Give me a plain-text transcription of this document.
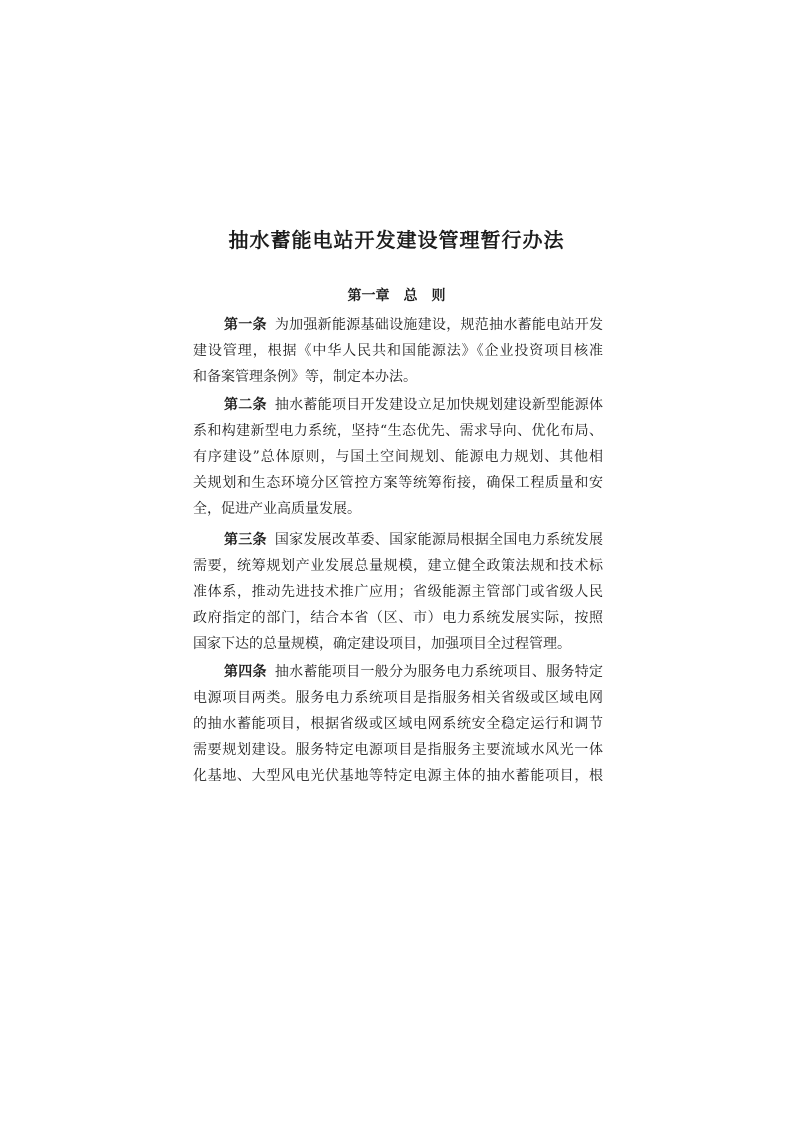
抽水蓄能电站开发建设管理暂行办法
第一章　总　则
第一条 为加强新能源基础设施建设，规范抽水蓄能电站开发
建设管理，根据《中华人民共和国能源法》《企业投资项目核准
和备案管理条例》等，制定本办法。
第二条 抽水蓄能项目开发建设立足加快规划建设新型能源体
系和构建新型电力系统，坚持“生态优先、需求导向、优化布局、
有序建设”总体原则，与国土空间规划、能源电力规划、其他相
关规划和生态环境分区管控方案等统筹衔接，确保工程质量和安
全，促进产业高质量发展。
第三条 国家发展改革委、国家能源局根据全国电力系统发展
需要，统筹规划产业发展总量规模，建立健全政策法规和技术标
准体系，推动先进技术推广应用；省级能源主管部门或省级人民
政府指定的部门，结合本省（区、市）电力系统发展实际，按照
国家下达的总量规模，确定建设项目，加强项目全过程管理。
第四条 抽水蓄能项目一般分为服务电力系统项目、服务特定
电源项目两类。服务电力系统项目是指服务相关省级或区域电网
的抽水蓄能项目，根据省级或区域电网系统安全稳定运行和调节
需要规划建设。服务特定电源项目是指服务主要流域水风光一体
化基地、大型风电光伏基地等特定电源主体的抽水蓄能项目，根
